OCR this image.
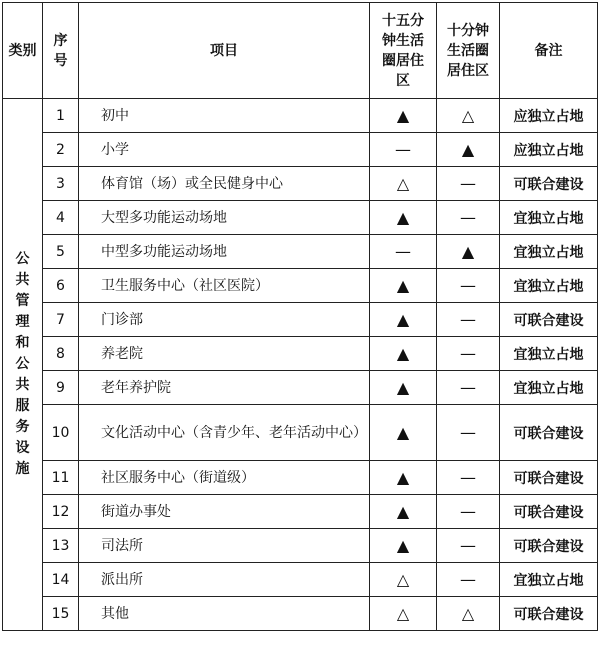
类别	序号	项目	十五分钟生活圈居住区	十分钟生活圈居住区	备注
公共管理和公共服务设施	1	初中	▲	△	应独立占地
	2	小学	—	▲	应独立占地
	3	体育馆（场）或全民健身中心	△	—	可联合建设
	4	大型多功能运动场地	▲	—	宜独立占地
	5	中型多功能运动场地	—	▲	宜独立占地
	6	卫生服务中心（社区医院）	▲	—	宜独立占地
	7	门诊部	▲	—	可联合建设
	8	养老院	▲	—	宜独立占地
	9	老年养护院	▲	—	宜独立占地
	10	文化活动中心（含青少年、老年活动中心）	▲	—	可联合建设
	11	社区服务中心（街道级）	▲	—	可联合建设
	12	街道办事处	▲	—	可联合建设
	13	司法所	▲	—	可联合建设
	14	派出所	△	—	宜独立占地
	15	其他	△	△	可联合建设
